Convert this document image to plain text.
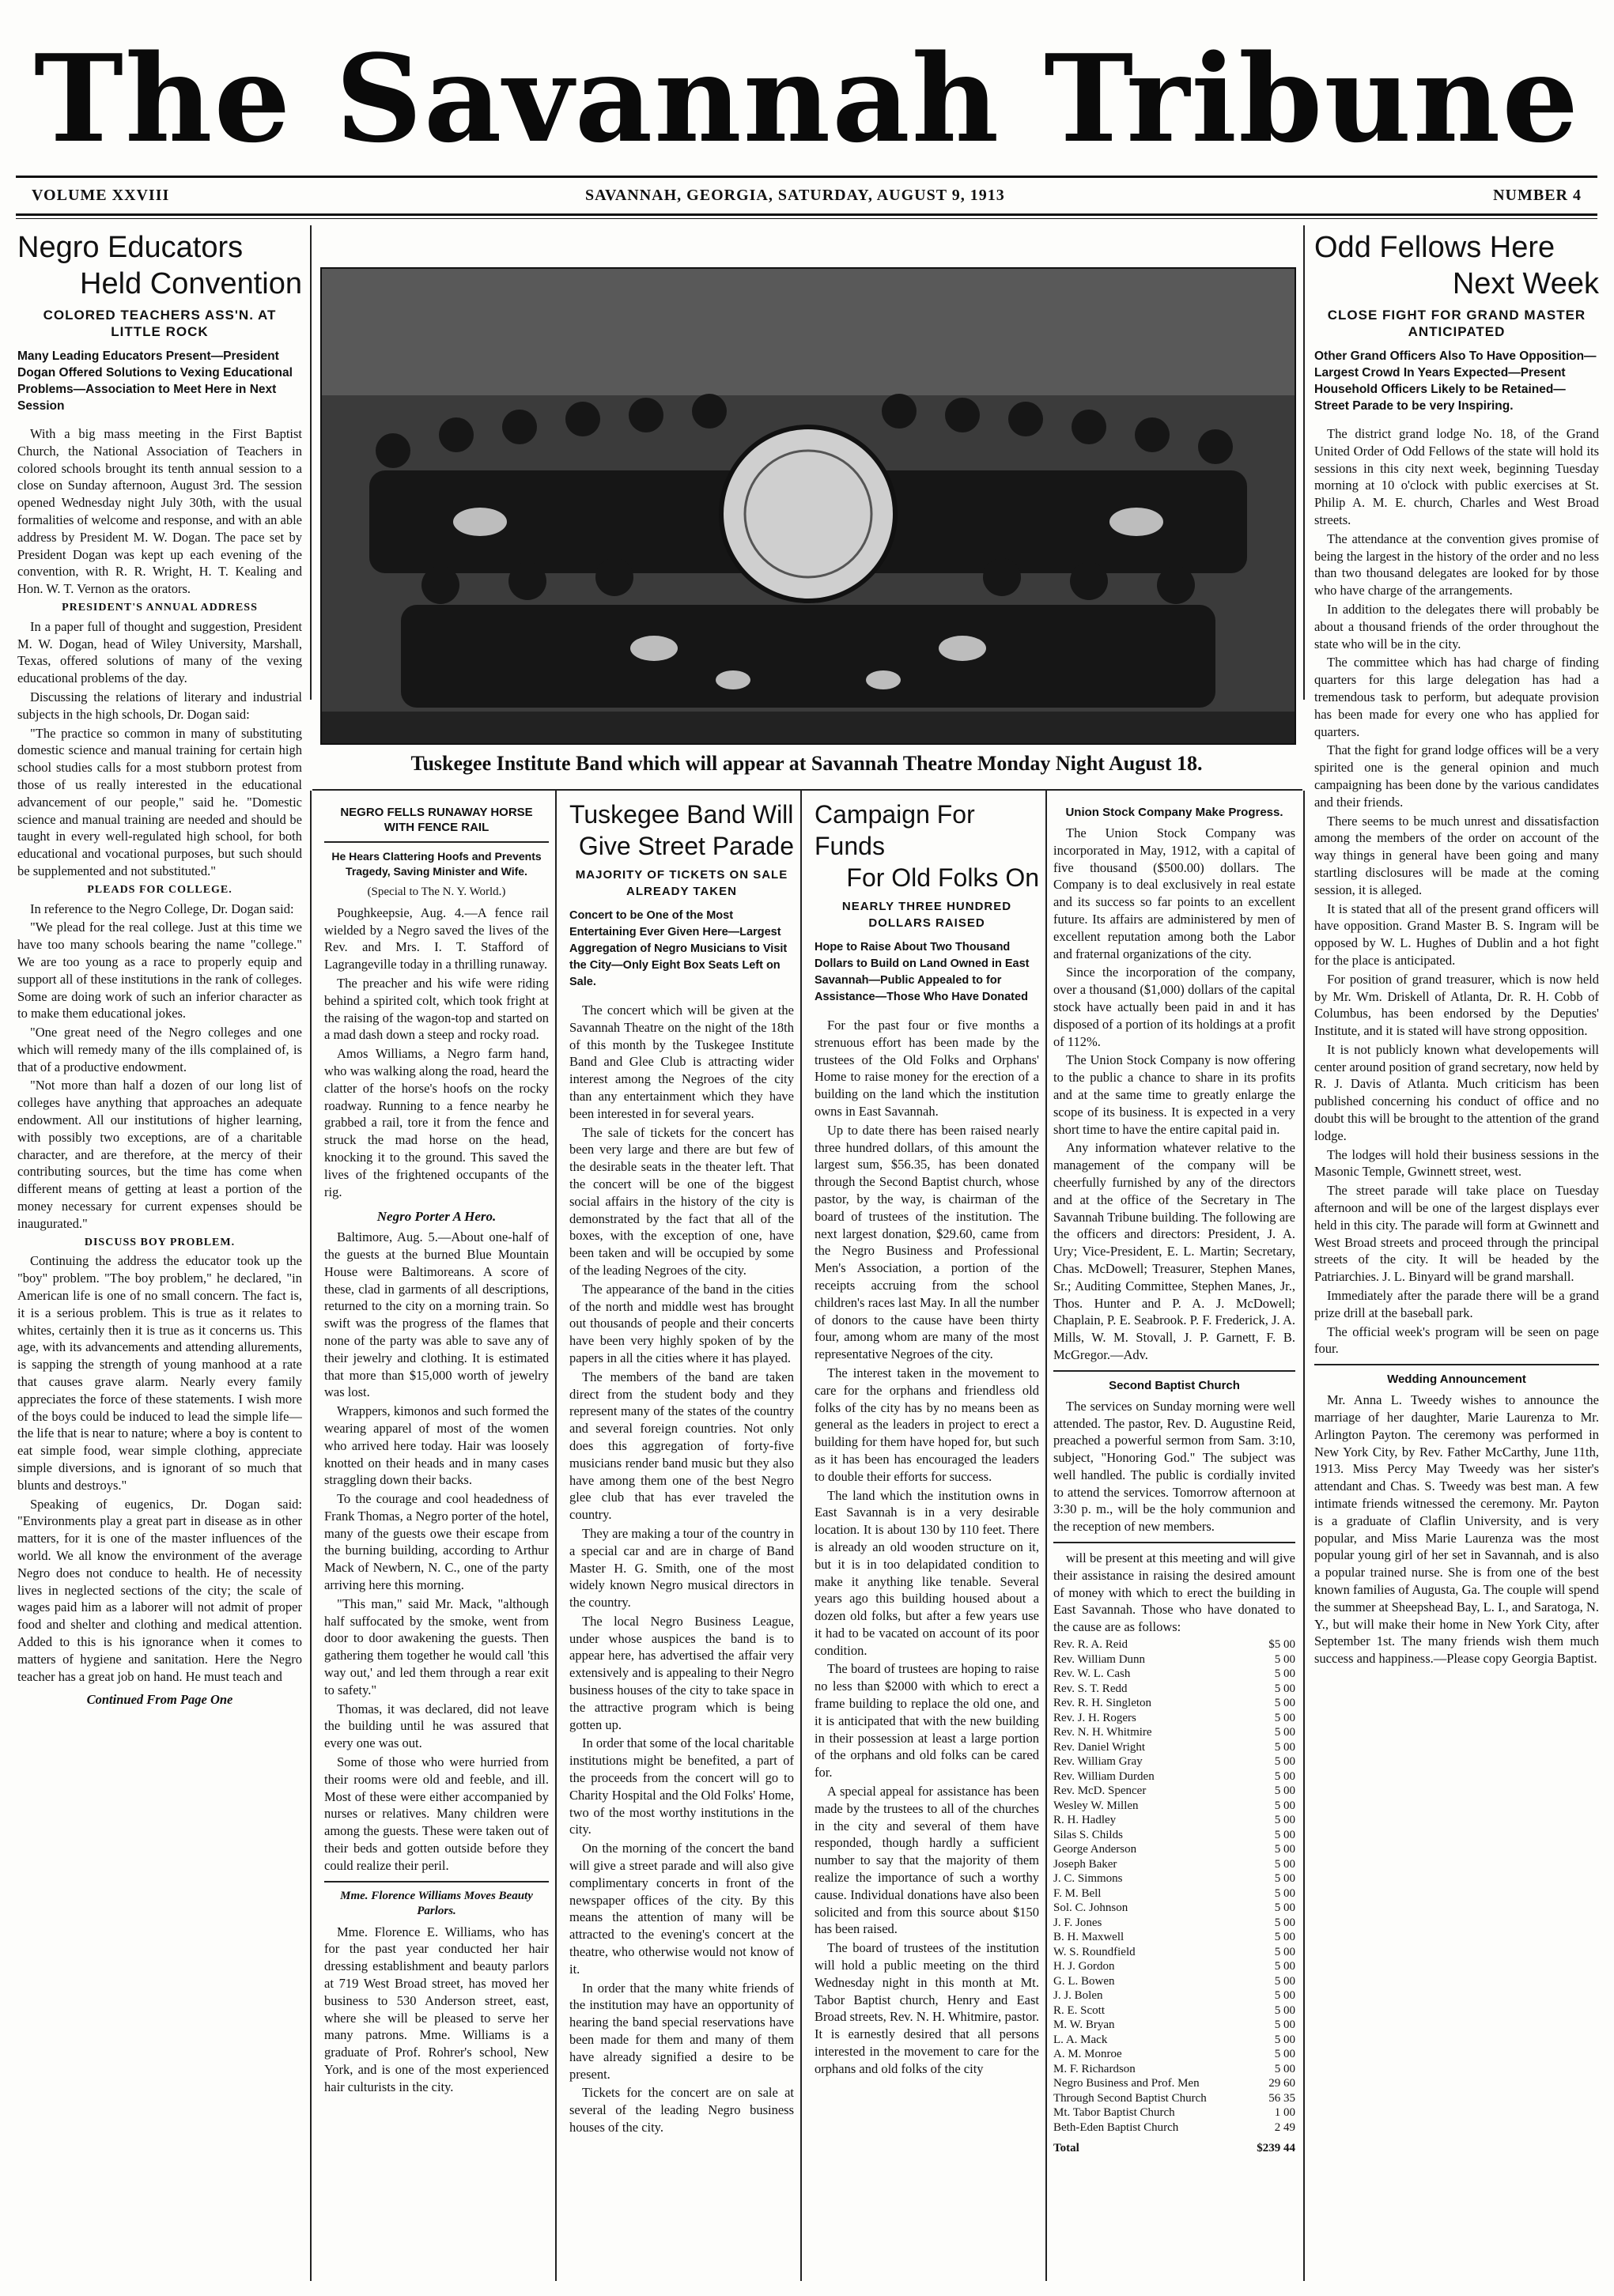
The Savannah Tribune
VOLUME XXVIII	SAVANNAH, GEORGIA, SATURDAY, AUGUST 9, 1913	NUMBER 4
Tuskegee Institute Band which will appear at Savannah Theatre Monday Night August 18.
Negro Educators
Held Convention
COLORED TEACHERS ASS'N. AT LITTLE ROCK
Many Leading Educators Present—President Dogan Offered Solutions to Vexing Educational Problems—Association to Meet Here in Next Session

With a big mass meeting in the First Baptist Church, the National Association of Teachers in colored schools brought its tenth annual session to a close on Sunday afternoon, August 3rd. The session opened Wednesday night July 30th, with the usual formalities of welcome and response, and with an able address by President M. W. Dogan. The pace set by President Dogan was kept up each evening of the convention, with R. R. Wright, H. T. Kealing and Hon. W. T. Vernon as the orators.

PRESIDENT'S ANNUAL ADDRESS

In a paper full of thought and suggestion, President M. W. Dogan, head of Wiley University, Marshall, Texas, offered solutions of many of the vexing educational problems of the day.

Discussing the relations of literary and industrial subjects in the high schools, Dr. Dogan said:

"The practice so common in many of substituting domestic science and manual training for certain high school studies calls for a most stubborn protest from those of us really interested in the educational advancement of our people," said he. "Domestic science and manual training are needed and should be taught in every well-regulated high school, for both educational and vocational purposes, but such should be supplemented and not substituted."

PLEADS FOR COLLEGE.

In reference to the Negro College, Dr. Dogan said:

"We plead for the real college. Just at this time we have too many schools bearing the name "college." We are too young as a race to properly equip and support all of these institutions in the rank of colleges. Some are doing work of such an inferior character as to make them educational jokes.

"One great need of the Negro colleges and one which will remedy many of the ills complained of, is that of a productive endowment.

"Not more than half a dozen of our long list of colleges have anything that approaches an adequate endowment. All our institutions of higher learning, with possibly two exceptions, are of a charitable character, and are therefore, at the mercy of their contributing sources, but the time has come when different means of getting at least a portion of the money necessary for current expenses should be inaugurated."

DISCUSS BOY PROBLEM.

Continuing the address the educator took up the "boy" problem. "The boy problem," he declared, "in American life is one of no small concern. The fact is, it is a serious problem. This is true as it relates to whites, certainly then it is true as it concerns us. This age, with its advancements and attending allurements, is sapping the strength of young manhood at a rate that causes grave alarm. Nearly every family appreciates the force of these statements. I wish more of the boys could be induced to lead the simple life— the life that is near to nature; where a boy is content to eat simple food, wear simple clothing, appreciate simple diversions, and is ignorant of so much that blunts and destroys."

Speaking of eugenics, Dr. Dogan said: "Environments play a great part in disease as in other matters, for it is one of the master influences of the world. We all know the environment of the average Negro does not conduce to health. He of necessity lives in neglected sections of the city; the scale of wages paid him as a laborer will not admit of proper food and shelter and clothing and medical attention. Added to this is his ignorance when it comes to matters of hygiene and sanitation. Here the Negro teacher has a great job on hand. He must teach and

Continued From Page One
NEGRO FELLS RUNAWAY HORSE WITH FENCE RAIL
He Hears Clattering Hoofs and Prevents Tragedy, Saving Minister and Wife.
(Special to The N. Y. World.)

Poughkeepsie, Aug. 4.—A fence rail wielded by a Negro saved the lives of the Rev. and Mrs. I. T. Stafford of Lagrangeville today in a thrilling runaway.

The preacher and his wife were riding behind a spirited colt, which took fright at the raising of the wagon-top and started on a mad dash down a steep and rocky road.

Amos Williams, a Negro farm hand, who was walking along the road, heard the clatter of the horse's hoofs on the rocky roadway. Running to a fence nearby he grabbed a rail, tore it from the fence and struck the mad horse on the head, knocking it to the ground. This saved the lives of the frightened occupants of the rig.

Negro Porter A Hero.

Baltimore, Aug. 5.—About one-half of the guests at the burned Blue Mountain House were Baltimoreans. A score of these, clad in garments of all descriptions, returned to the city on a morning train. So swift was the progress of the flames that none of the party was able to save any of their jewelry and clothing. It is estimated that more than $15,000 worth of jewelry was lost.

Wrappers, kimonos and such formed the wearing apparel of most of the women who arrived here today. Hair was loosely knotted on their heads and in many cases straggling down their backs.

To the courage and cool headedness of Frank Thomas, a Negro porter of the hotel, many of the guests owe their escape from the burning building, according to Arthur Mack of Newbern, N. C., one of the party arriving here this morning.

"This man," said Mr. Mack, "although half suffocated by the smoke, went from door to door awakening the guests. Then gathering them together he would call 'this way out,' and led them through a rear exit to safety."

Thomas, it was declared, did not leave the building until he was assured that every one was out.

Some of those who were hurried from their rooms were old and feeble, and ill. Most of these were either accompanied by nurses or relatives. Many children were among the guests. These were taken out of their beds and gotten outside before they could realize their peril.

Mme. Florence Williams Moves Beauty Parlors.

Mme. Florence E. Williams, who has for the past year conducted her hair dressing establishment and beauty parlors at 719 West Broad street, has moved her business to 530 Anderson street, east, where she will be pleased to serve her many patrons. Mme. Williams is a graduate of Prof. Rohrer's school, New York, and is one of the most experienced hair culturists in the city.

Tuskegee Band Will
Give Street Parade
MAJORITY OF TICKETS ON SALE ALREADY TAKEN
Concert to be One of the Most Entertaining Ever Given Here—Largest Aggregation of Negro Musicians to Visit the City—Only Eight Box Seats Left on Sale.

The concert which will be given at the Savannah Theatre on the night of the 18th of this month by the Tuskegee Institute Band and Glee Club is attracting wider interest among the Negroes of the city than any entertainment which they have been interested in for several years.

The sale of tickets for the concert has been very large and there are but few of the desirable seats in the theater left. That the concert will be one of the biggest social affairs in the history of the city is demonstrated by the fact that all of the boxes, with the exception of one, have been taken and will be occupied by some of the leading Negroes of the city.

The appearance of the band in the cities of the north and middle west has brought out thousands of people and their concerts have been very highly spoken of by the papers in all the cities where it has played.

The members of the band are taken direct from the student body and they represent many of the states of the country and several foreign countries. Not only does this aggregation of forty-five musicians render band music but they also have among them one of the best Negro glee club that has ever traveled the country.

They are making a tour of the country in a special car and are in charge of Band Master H. G. Smith, one of the most widely known Negro musical directors in the country.

The local Negro Business League, under whose auspices the band is to appear here, has advertised the affair very extensively and is appealing to their Negro business houses of the city to take space in the attractive program which is being gotten up.

In order that some of the local charitable institutions might be benefited, a part of the proceeds from the concert will go to Charity Hospital and the Old Folks' Home, two of the most worthy institutions in the city.

On the morning of the concert the band will give a street parade and will also give complimentary concerts in front of the newspaper offices of the city. By this means the attention of many will be attracted to the evening's concert at the theatre, who otherwise would not know of it.

In order that the many white friends of the institution may have an opportunity of hearing the band special reservations have been made for them and many of them have already signified a desire to be present.

Tickets for the concert are on sale at several of the leading Negro business houses of the city.

Campaign For Funds
For Old Folks On
NEARLY THREE HUNDRED DOLLARS RAISED
Hope to Raise About Two Thousand Dollars to Build on Land Owned in East Savannah—Public Appealed to for Assistance—Those Who Have Donated

For the past four or five months a strenuous effort has been made by the trustees of the Old Folks and Orphans' Home to raise money for the erection of a building on the land which the institution owns in East Savannah.

Up to date there has been raised nearly three hundred dollars, of this amount the largest sum, $56.35, has been donated through the Second Baptist church, whose pastor, by the way, is chairman of the board of trustees of the institution. The next largest donation, $29.60, came from the Negro Business and Professional Men's Association, a portion of the receipts accruing from the school children's races last May. In all the number of donors to the cause have been thirty four, among whom are many of the most representative Negroes of the city.

The interest taken in the movement to care for the orphans and friendless old folks of the city has by no means been as general as the leaders in project to erect a building for them have hoped for, but such as it has been has encouraged the leaders to double their efforts for success.

The land which the institution owns in East Savannah is in a very desirable location. It is about 130 by 110 feet. There is already an old wooden structure on it, but it is in too delapidated condition to make it anything like tenable. Several years ago this building housed about a dozen old folks, but after a few years use it had to be vacated on account of its poor condition.

The board of trustees are hoping to raise no less than $2000 with which to erect a frame building to replace the old one, and it is anticipated that with the new building in their possession at least a large portion of the orphans and old folks can be cared for.

A special appeal for assistance has been made by the trustees to all of the churches in the city and several of them have responded, though hardly a sufficient number to say that the majority of them realize the importance of such a worthy cause. Individual donations have also been solicited and from this source about $150 has been raised.

The board of trustees of the institution will hold a public meeting on the third Wednesday night in this month at Mt. Tabor Baptist church, Henry and East Broad streets, Rev. N. H. Whitmire, pastor. It is earnestly desired that all persons interested in the movement to care for the orphans and old folks of the city

Union Stock Company Make Progress.

The Union Stock Company was incorporated in May, 1912, with a capital of five thousand ($500.00) dollars. The Company is to deal exclusively in real estate and its success so far points to an excellent future. Its affairs are administered by men of excellent reputation among both the Labor and fraternal organizations of the city.

Since the incorporation of the company, over a thousand ($1,000) dollars of the capital stock have actually been paid in and it has disposed of a portion of its holdings at a profit of 112%.

The Union Stock Company is now offering to the public a chance to share in its profits and at the same time to greatly enlarge the scope of its business. It is expected in a very short time to have the entire capital paid in.

Any information whatever relative to the management of the company will be cheerfully furnished by any of the directors and at the office of the Secretary in The Savannah Tribune building. The following are the officers and directors: President, J. A. Ury; Vice-President, E. L. Martin; Secretary, Chas. McDowell; Treasurer, Stephen Manes, Sr.; Auditing Committee, Stephen Manes, Jr., Thos. Hunter and P. A. J. McDowell; Chaplain, P. E. Seabrook. P. F. Frederick, J. A. Mills, W. M. Stovall, J. P. Garnett, F. B. McGregor.—Adv.

Second Baptist Church

The services on Sunday morning were well attended. The pastor, Rev. D. Augustine Reid, preached a powerful sermon from Sam. 3:10, subject, "Honoring God." The subject was well handled. The public is cordially invited to attend the services. Tomorrow afternoon at 3:30 p. m., will be the holy communion and the reception of new members.

will be present at this meeting and will give their assistance in raising the desired amount of money with which to erect the building in East Savannah. Those who have donated to the cause are as follows:

Rev. R. A. Reid	$5 00
Rev. William Dunn	5 00
Rev. W. L. Cash	5 00
Rev. S. T. Redd	5 00
Rev. R. H. Singleton	5 00
Rev. J. H. Rogers	5 00
Rev. N. H. Whitmire	5 00
Rev. Daniel Wright	5 00
Rev. William Gray	5 00
Rev. William Durden	5 00
Rev. McD. Spencer	5 00
Wesley W. Millen	5 00
R. H. Hadley	5 00
Silas S. Childs	5 00
George Anderson	5 00
Joseph Baker	5 00
J. C. Simmons	5 00
F. M. Bell	5 00
Sol. C. Johnson	5 00
J. F. Jones	5 00
B. H. Maxwell	5 00
W. S. Roundfield	5 00
H. J. Gordon	5 00
G. L. Bowen	5 00
J. J. Bolen	5 00
R. E. Scott	5 00
M. W. Bryan	5 00
L. A. Mack	5 00
A. M. Monroe	5 00
M. F. Richardson	5 00
Negro Business and Prof. Men	29 60
Through Second Baptist Church	56 35
Mt. Tabor Baptist Church	1 00
Beth-Eden Baptist Church	2 49
Total	$239 44
Odd Fellows Here
Next Week
CLOSE FIGHT FOR GRAND MASTER ANTICIPATED
Other Grand Officers Also To Have Opposition—Largest Crowd In Years Expected—Present Household Officers Likely to be Retained—Street Parade to be very Inspiring.

The district grand lodge No. 18, of the Grand United Order of Odd Fellows of the state will hold its sessions in this city next week, beginning Tuesday morning at 10 o'clock with public exercises at St. Philip A. M. E. church, Charles and West Broad streets.

The attendance at the convention gives promise of being the largest in the history of the order and no less than two thousand delegates are looked for by those who have charge of the arrangements.

In addition to the delegates there will probably be about a thousand friends of the order throughout the state who will be in the city.

The committee which has had charge of finding quarters for this large delegation has had a tremendous task to perform, but adequate provision has been made for every one who has applied for quarters.

That the fight for grand lodge offices will be a very spirited one is the general opinion and much campaigning has been done by the various candidates and their friends.

There seems to be much unrest and dissatisfaction among the members of the order on account of the way things in general have been going and many startling disclosures will be made at the coming session, it is alleged.

It is stated that all of the present grand officers will have opposition. Grand Master B. S. Ingram will be opposed by W. L. Hughes of Dublin and a hot fight for the place is anticipated.

For position of grand treasurer, which is now held by Mr. Wm. Driskell of Atlanta, Dr. R. H. Cobb of Columbus, has been endorsed by the Deputies' Institute, and it is stated will have strong opposition.

It is not publicly known what developements will center around position of grand secretary, now held by R. J. Davis of Atlanta. Much criticism has been published concerning his conduct of office and no doubt this will be brought to the attention of the grand lodge.

The lodges will hold their business sessions in the Masonic Temple, Gwinnett street, west.

The street parade will take place on Tuesday afternoon and will be one of the largest displays ever held in this city. The parade will form at Gwinnett and West Broad streets and proceed through the principal streets of the city. It will be headed by the Patriarchies. J. L. Binyard will be grand marshall.

Immediately after the parade there will be a grand prize drill at the baseball park.

The official week's program will be seen on page four.

Wedding Announcement

Mr. Anna L. Tweedy wishes to announce the marriage of her daughter, Marie Laurenza to Mr. Arlington Payton. The ceremony was performed in New York City, by Rev. Father McCarthy, June 11th, 1913. Miss Percy May Tweedy was her sister's attendant and Chas. S. Tweedy was best man. A few intimate friends witnessed the ceremony. Mr. Payton is a graduate of Claflin University, and is very popular, and Miss Marie Laurenza was the most popular young girl of her set in Savannah, and is also a popular trained nurse. She is from one of the best known families of Augusta, Ga. The couple will spend the summer at Sheepshead Bay, L. I., and Saratoga, N. Y., but will make their home in New York City, after September 1st. The many friends wish them much success and happiness.—Please copy Georgia Baptist.
